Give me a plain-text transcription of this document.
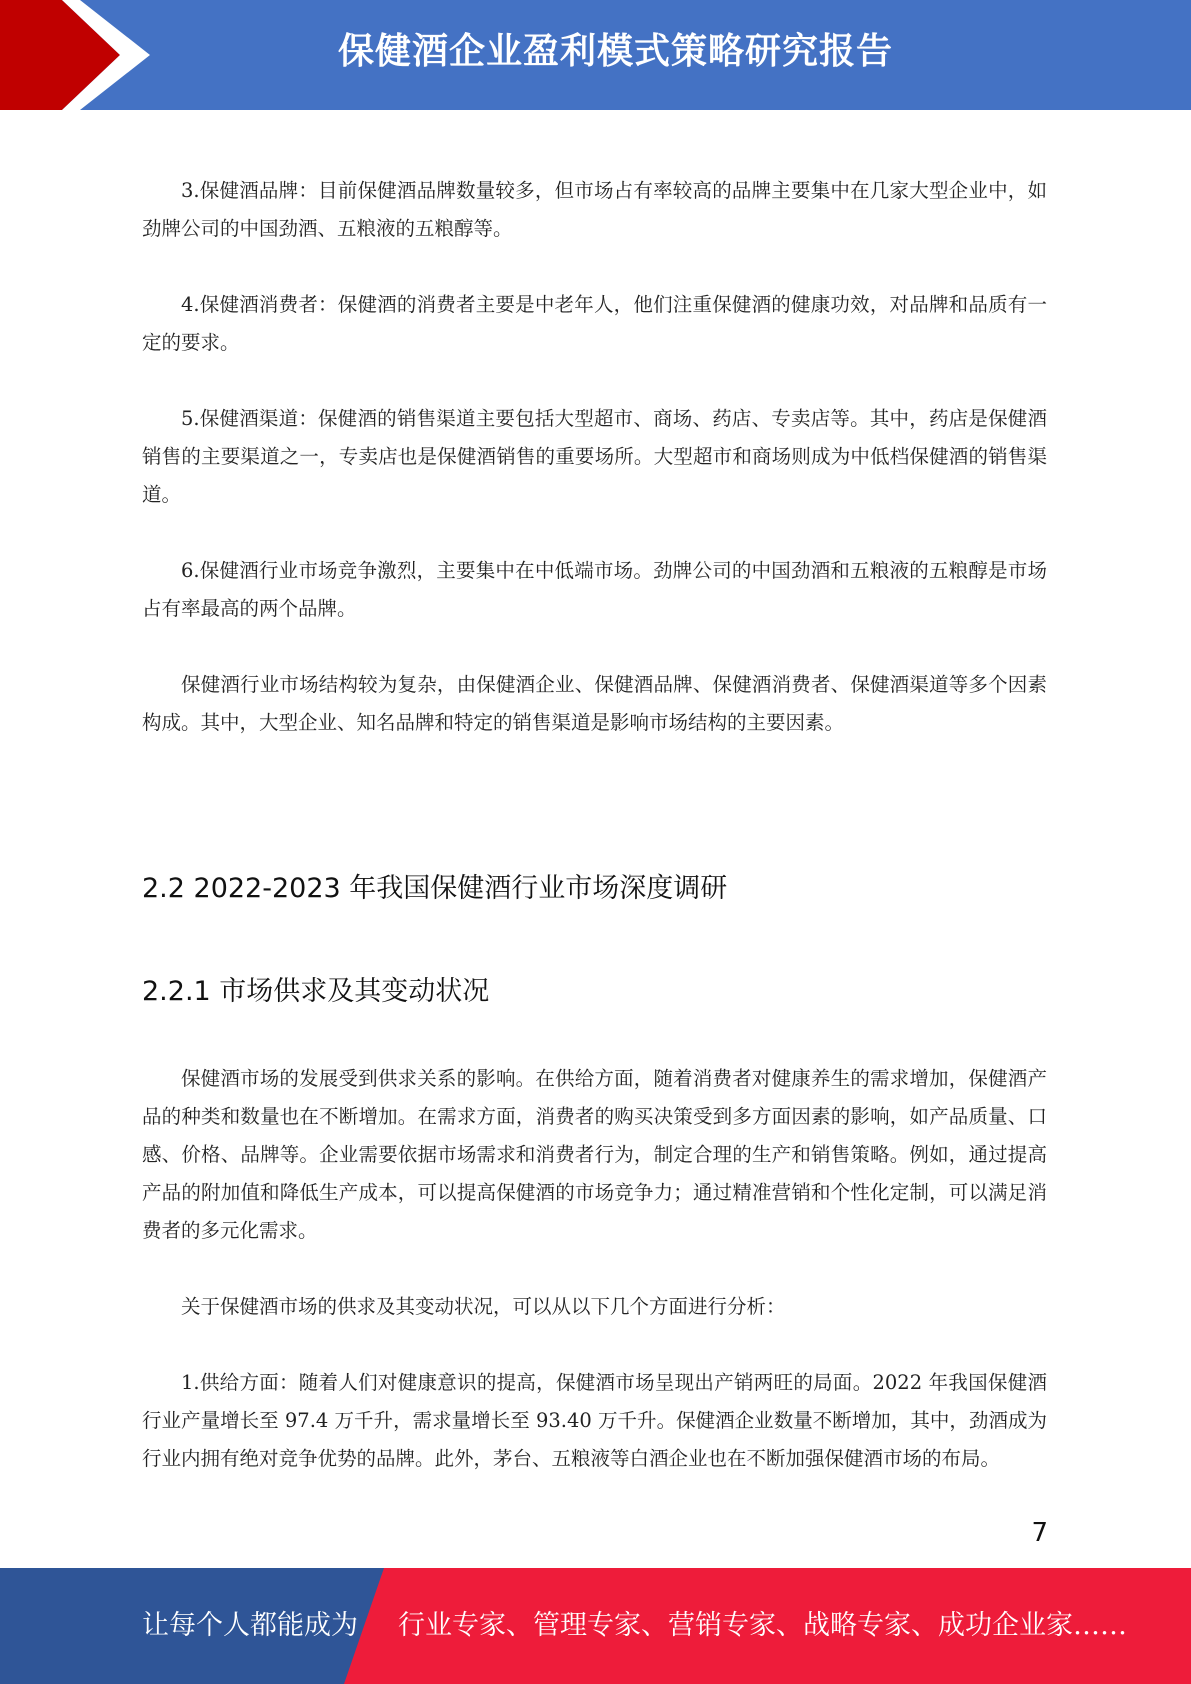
保健酒企业盈利模式策略研究报告

3.保健酒品牌：目前保健酒品牌数量较多，但市场占有率较高的品牌主要集中在几家大型企业中，如劲牌公司的中国劲酒、五粮液的五粮醇等。

4.保健酒消费者：保健酒的消费者主要是中老年人，他们注重保健酒的健康功效，对品牌和品质有一定的要求。

5.保健酒渠道：保健酒的销售渠道主要包括大型超市、商场、药店、专卖店等。其中，药店是保健酒销售的主要渠道之一，专卖店也是保健酒销售的重要场所。大型超市和商场则成为中低档保健酒的销售渠道。

6.保健酒行业市场竞争激烈，主要集中在中低端市场。劲牌公司的中国劲酒和五粮液的五粮醇是市场占有率最高的两个品牌。

保健酒行业市场结构较为复杂，由保健酒企业、保健酒品牌、保健酒消费者、保健酒渠道等多个因素构成。其中，大型企业、知名品牌和特定的销售渠道是影响市场结构的主要因素。

2.2 2022-2023 年我国保健酒行业市场深度调研
2.2.1 市场供求及其变动状况

保健酒市场的发展受到供求关系的影响。在供给方面，随着消费者对健康养生的需求增加，保健酒产品的种类和数量也在不断增加。在需求方面，消费者的购买决策受到多方面因素的影响，如产品质量、口感、价格、品牌等。企业需要依据市场需求和消费者行为，制定合理的生产和销售策略。例如，通过提高产品的附加值和降低生产成本，可以提高保健酒的市场竞争力；通过精准营销和个性化定制，可以满足消费者的多元化需求。

关于保健酒市场的供求及其变动状况，可以从以下几个方面进行分析：

1.供给方面：随着人们对健康意识的提高，保健酒市场呈现出产销两旺的局面。2022 年我国保健酒行业产量增长至 97.4 万千升，需求量增长至 93.40 万千升。保健酒企业数量不断增加，其中，劲酒成为行业内拥有绝对竞争优势的品牌。此外，茅台、五粮液等白酒企业也在不断加强保健酒市场的布局。

7
让每个人都能成为 行业专家、管理专家、营销专家、战略专家、成功企业家……
